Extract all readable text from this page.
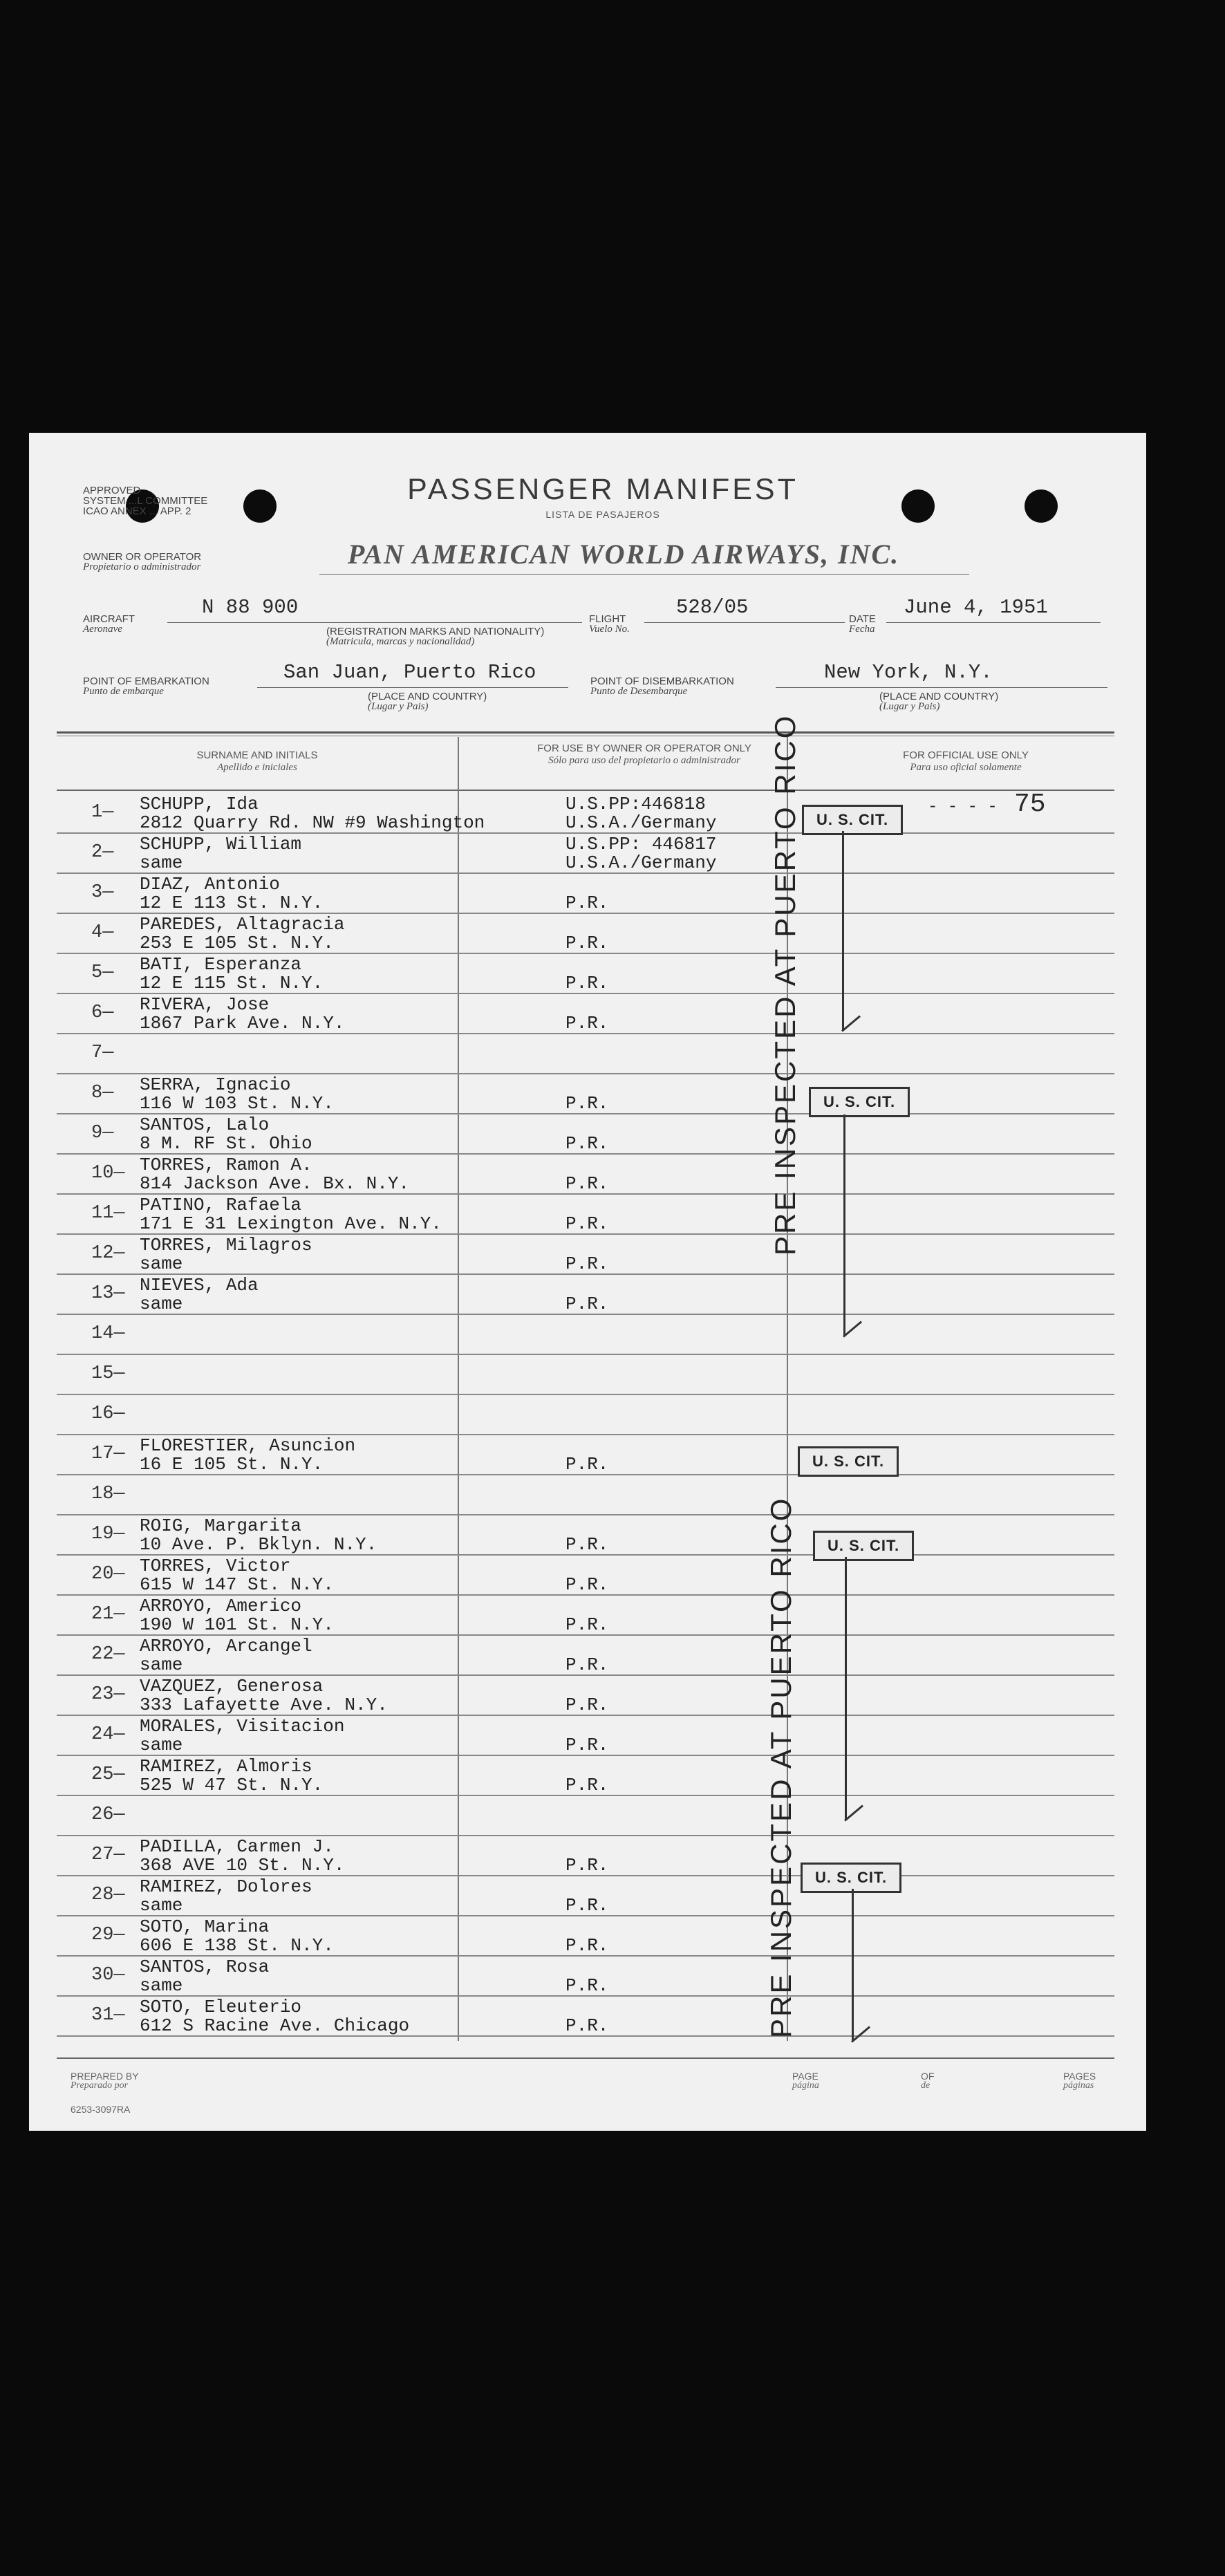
APPROVED
SYSTEM ...L COMMITTEE
ICAO ANNEX ... APP. 2
PASSENGER MANIFEST
LISTA DE PASAJEROS
OWNER OR OPERATOR
Propietario o administrador	PAN AMERICAN WORLD AIRWAYS, INC.
AIRCRAFT
Aeronave
N 88 900
(REGISTRATION MARKS AND NATIONALITY)
(Matricula, marcas y nacionalidad)
FLIGHT
Vuelo No.
528/05
DATE
Fecha
June 4, 1951
POINT OF EMBARKATION
Punto de embarque
San Juan, Puerto Rico
(PLACE AND COUNTRY)
(Lugar y Pais)
POINT OF DISEMBARKATION
Punto de Desembarque
New York, N.Y.
(PLACE AND COUNTRY)
(Lugar y Pais)
SURNAME AND INITIALS
Apellido e iniciales
FOR USE BY OWNER OR OPERATOR ONLY
Sólo para uso del propietario o administrador	FOR OFFICIAL USE ONLY
Para uso oficial solamente
1—	SCHUPP, Ida
2812 Quarry Rd. NW #9 Washington
U.S.PP:446818
U.S.A./Germany
2—	SCHUPP, William
same
U.S.PP: 446817
U.S.A./Germany
3—	DIAZ, Antonio
12 E 113 St. N.Y.	P.R.
4—	PAREDES, Altagracia
253 E 105 St. N.Y.	P.R.
5—	BATI, Esperanza
12 E 115 St. N.Y.	P.R.
6—	RIVERA, Jose
1867 Park Ave. N.Y.	P.R.
7—
8—	SERRA, Ignacio
116 W 103 St. N.Y.	P.R.
9—	SANTOS, Lalo
8 M. RF St. Ohio	P.R.
10— TORRES, Ramon A.
814 Jackson Ave. Bx. N.Y.	P.R.
11— PATINO, Rafaela
171 E 31 Lexington Ave. N.Y.	P.R.
12— TORRES, Milagros
same	P.R.
13— NIEVES, Ada
same	P.R.
14—
15—
16—
17— FLORESTIER, Asuncion
16 E 105 St. N.Y.	P.R.
18—
19— ROIG, Margarita
10 Ave. P. Bklyn. N.Y.	P.R.
20— TORRES, Victor
615 W 147 St. N.Y.	P.R.
21— ARROYO, Americo
190 W 101 St. N.Y.	P.R.
22— ARROYO, Arcangel
same	P.R.
23— VAZQUEZ, Generosa
333 Lafayette Ave. N.Y.	P.R.
24— MORALES, Visitacion
same	P.R.
25— RAMIREZ, Almoris
525 W 47 St. N.Y.	P.R.
26—
27— PADILLA, Carmen J.
368 AVE 10 St. N.Y.	P.R.
28— RAMIREZ, Dolores
same	P.R.
29— SOTO, Marina
606 E 138 St. N.Y.	P.R.
30— SANTOS, Rosa
same	P.R.
31— SOTO, Eleuterio
612 S Racine Ave. Chicago	P.R.
- - - - 75
U. S. CIT.
U. S. CIT.
U. S. CIT.
U. S. CIT.
U. S. CIT.
PRE INSPECTED AT PUERTO RICO
PRE INSPECTED AT PUERTO RICO
PREPARED BY
Preparado por
6253-3097RA
PAGE
página
OF
de
PAGES
páginas
